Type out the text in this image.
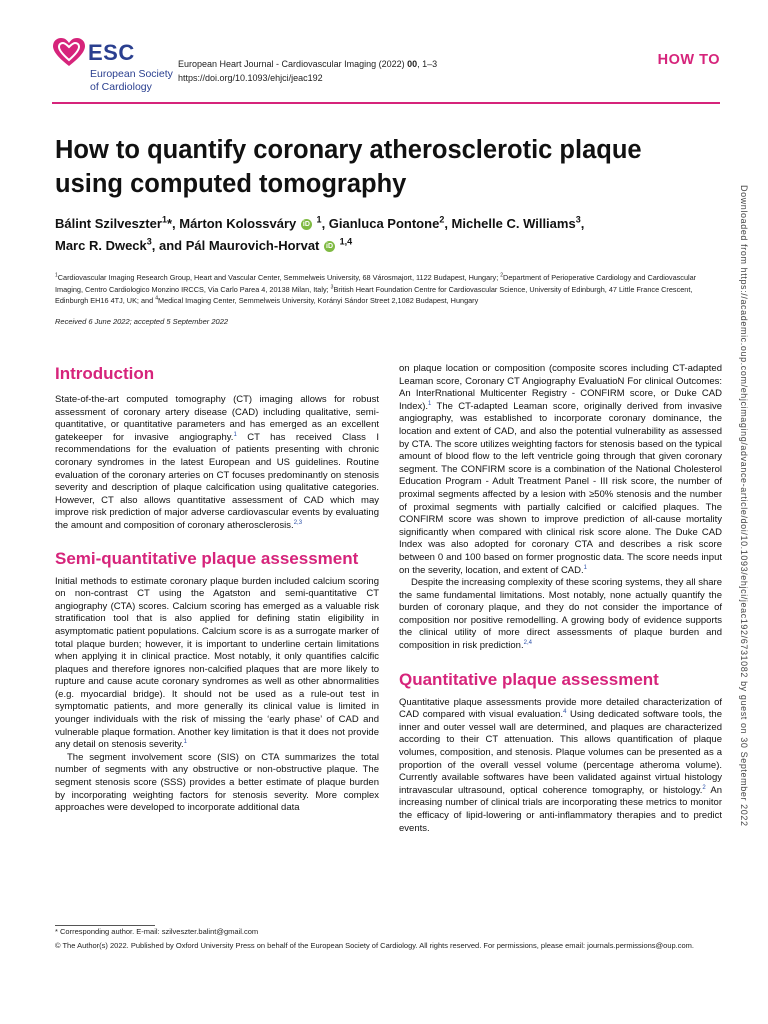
ESC
European Society
of Cardiology
European Heart Journal - Cardiovascular Imaging (2022) 00, 1–3
https://doi.org/10.1093/ehjci/jeac192
HOW TO
How to quantify coronary atherosclerotic plaque using computed tomography
Bálint Szilveszter$^1$*, Márton Kolossváry iD $^1$, Gianluca Pontone$^2$, Michelle C. Williams$^3$,
Marc R. Dweck$^3$, and Pál Maurovich-Horvat iD $^{1,4}$
$^1$Cardiovascular Imaging Research Group, Heart and Vascular Center, Semmelweis University, 68 Városmajort, 1122 Budapest, Hungary; $^2$Department of Perioperative Cardiology and Cardiovascular Imaging, Centro Cardiologico Monzino IRCCS, Via Carlo Parea 4, 20138 Milan, Italy; $^3$British Heart Foundation Centre for Cardiovascular Science, University of Edinburgh, 47 Little France Crescent, Edinburgh EH16 4TJ, UK; and $^4$Medical Imaging Center, Semmelweis University, Korányi Sándor Street 2,1082 Budapest, Hungary
Received 6 June 2022; accepted 5 September 2022
Introduction

State-of-the-art computed tomography (CT) imaging allows for robust assessment of coronary artery disease (CAD) including qualitative, semi-quantitative, or quantitative parameters and has emerged as an excellent gatekeeper for invasive angiography.$^1$ CT has received Class I recommendations for the evaluation of patients presenting with chronic coronary syndromes in the latest European and US guidelines. Routine evaluation of the coronary arteries on CT focuses predominantly on stenosis severity and description of plaque calcification using qualitative categories. However, CT also allows quantitative assessment of CAD which may improve risk prediction of major adverse cardiovascular events by evaluating the amount and composition of coronary atherosclerosis.$^{2,3}$

Semi-quantitative plaque assessment

Initial methods to estimate coronary plaque burden included calcium scoring on non-contrast CT using the Agatston and semi-quantitative CT angiography (CTA) scores. Calcium scoring has emerged as a valuable risk stratification tool that is also applied for defining statin eligibility in asymptomatic patient populations. Calcium score is as a surrogate marker of total plaque burden; however, it is important to underline certain limitations when applying it in clinical practice. Most notably, it only quantifies calcific plaques and therefore ignores non-calcified plaques that are more likely to rupture and cause acute coronary syndromes as well as other abnormalities (e.g. myocardial bridge). It should not be used as a rule-out test in symptomatic patients, and more generally its clinical value is limited in younger individuals with the risk of missing the ‘early phase’ of CAD and vulnerable plaque formation. Another key limitation is that it does not provide any detail on stenosis severity.$^1$

The segment involvement score (SIS) on CTA summarizes the total number of segments with any obstructive or non-obstructive plaque. The segment stenosis score (SSS) provides a better estimate of plaque burden by incorporating weighting factors for stenosis severity. More complex approaches were developed to incorporate additional data

on plaque location or composition (composite scores including CT-adapted Leaman score, Coronary CT Angiography EvaluatioN For clinical Outcomes: An InterRnational Multicenter Registry - CONFIRM score, or Duke CAD Index).$^1$ The CT-adapted Leaman score, originally derived from invasive angiography, was established to incorporate coronary dominance, the location and extent of CAD, and also the potential vulnerability as assessed by CTA. The score utilizes weighting factors for stenosis based on the typical amount of blood flow to the left ventricle going through that given coronary segment. The CONFIRM score is a combination of the National Cholesterol Education Program - Adult Treatment Panel - III risk score, the number of proximal segments affected by a lesion with ≥50% stenosis and the number of proximal segments with partially calcified or calcified plaques. The CONFIRM score was shown to improve prediction of all-cause mortality significantly when compared with clinical risk score alone. The Duke CAD Index was also adopted for coronary CTA and describes a risk score between 0 and 100 based on former prognostic data. The score needs input on the severity, location, and extent of CAD.$^1$

Despite the increasing complexity of these scoring systems, they all share the same fundamental limitations. Most notably, none actually quantify the burden of coronary plaque, and they do not consider the importance of composition nor positive remodelling. A growing body of evidence supports the clinical utility of more direct assessments of plaque burden and composition in risk prediction.$^{2,4}$

Quantitative plaque assessment

Quantitative plaque assessments provide more detailed characterization of CAD compared with visual evaluation.$^4$ Using dedicated software tools, the inner and outer vessel wall are determined, and plaques are characterized according to their CT attenuation. This allows quantification of plaque volumes, composition, and stenosis. Plaque volumes can be presented as a proportion of the overall vessel volume (percentage atheroma volume). Currently available softwares have been validated against virtual histology intravascular ultrasound, optical coherence tomography, or histology.$^2$ An increasing number of clinical trials are incorporating these metrics to monitor the efficacy of lipid-lowering or anti-inflammatory therapies and to predict events.

Downloaded from https://academic.oup.com/ehjcimaging/advance-article/doi/10.1093/ehjci/jeac192/6731082 by guest on 30 September 2022
* Corresponding author. E-mail: szilveszter.balint@gmail.com
© The Author(s) 2022. Published by Oxford University Press on behalf of the European Society of Cardiology. All rights reserved. For permissions, please email: journals.permissions@oup.com.
